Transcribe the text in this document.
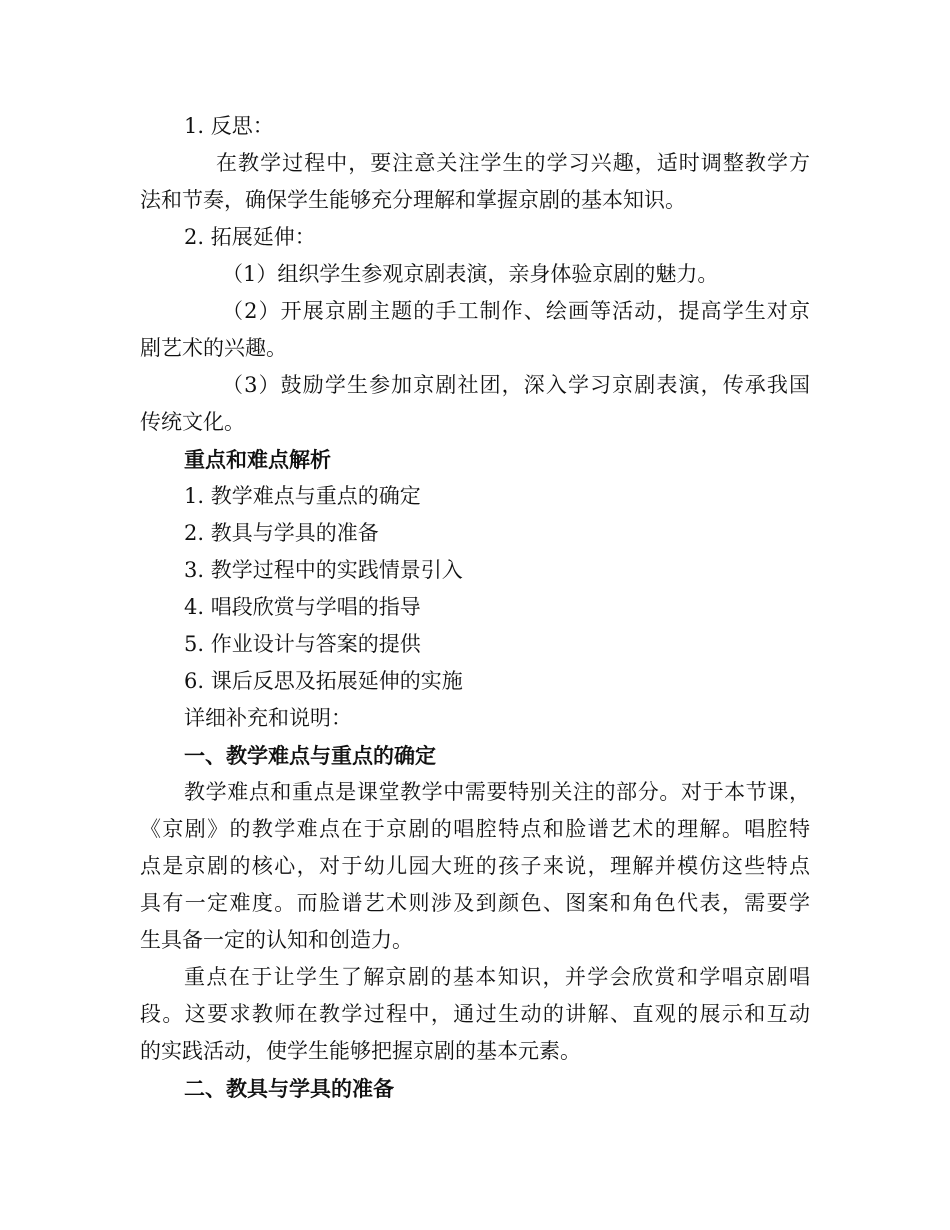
1. 反思：
在教学过程中，要注意关注学生的学习兴趣，适时调整教学方
法和节奏，确保学生能够充分理解和掌握京剧的基本知识。
2. 拓展延伸：
（1）组织学生参观京剧表演，亲身体验京剧的魅力。
（2）开展京剧主题的手工制作、绘画等活动，提高学生对京
剧艺术的兴趣。
（3）鼓励学生参加京剧社团，深入学习京剧表演，传承我国
传统文化。
重点和难点解析
1. 教学难点与重点的确定
2. 教具与学具的准备
3. 教学过程中的实践情景引入
4. 唱段欣赏与学唱的指导
5. 作业设计与答案的提供
6. 课后反思及拓展延伸的实施
详细补充和说明：
一、教学难点与重点的确定
教学难点和重点是课堂教学中需要特别关注的部分。对于本节课，
《京剧》的教学难点在于京剧的唱腔特点和脸谱艺术的理解。唱腔特
点是京剧的核心，对于幼儿园大班的孩子来说，理解并模仿这些特点
具有一定难度。而脸谱艺术则涉及到颜色、图案和角色代表，需要学
生具备一定的认知和创造力。
重点在于让学生了解京剧的基本知识，并学会欣赏和学唱京剧唱
段。这要求教师在教学过程中，通过生动的讲解、直观的展示和互动
的实践活动，使学生能够把握京剧的基本元素。
二、教具与学具的准备
